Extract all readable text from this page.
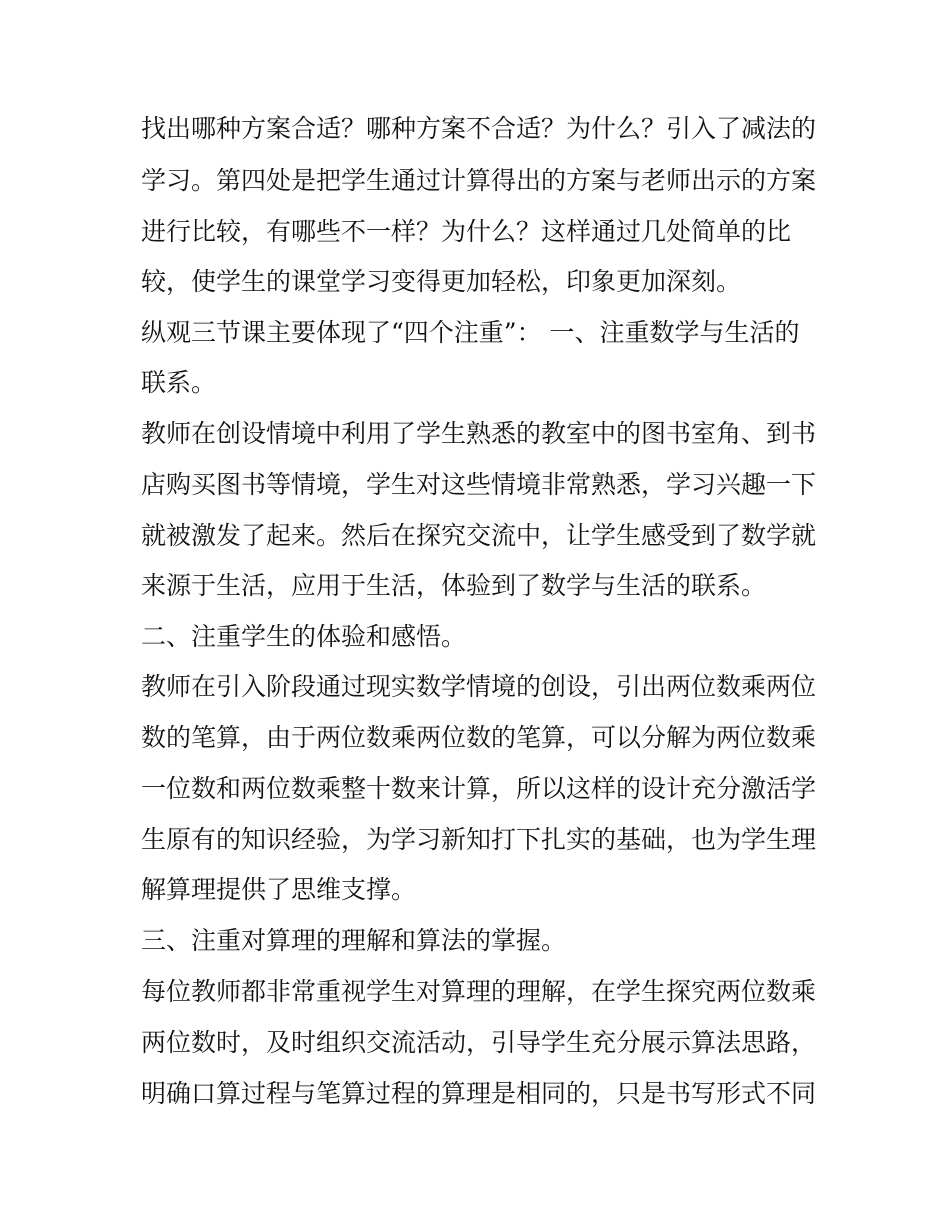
找出哪种方案合适？哪种方案不合适？为什么？引入了减法的
学习。第四处是把学生通过计算得出的方案与老师出示的方案
进行比较，有哪些不一样？为什么？这样通过几处简单的比
较，使学生的课堂学习变得更加轻松，印象更加深刻。
纵观三节课主要体现了“四个注重”： 一、注重数学与生活的
联系。
教师在创设情境中利用了学生熟悉的教室中的图书室角、到书
店购买图书等情境，学生对这些情境非常熟悉，学习兴趣一下
就被激发了起来。然后在探究交流中，让学生感受到了数学就
来源于生活，应用于生活，体验到了数学与生活的联系。
二、注重学生的体验和感悟。
教师在引入阶段通过现实数学情境的创设，引出两位数乘两位
数的笔算，由于两位数乘两位数的笔算，可以分解为两位数乘
一位数和两位数乘整十数来计算，所以这样的设计充分激活学
生原有的知识经验，为学习新知打下扎实的基础，也为学生理
解算理提供了思维支撑。
三、注重对算理的理解和算法的掌握。
每位教师都非常重视学生对算理的理解，在学生探究两位数乘
两位数时，及时组织交流活动，引导学生充分展示算法思路，
明确口算过程与笔算过程的算理是相同的，只是书写形式不同
